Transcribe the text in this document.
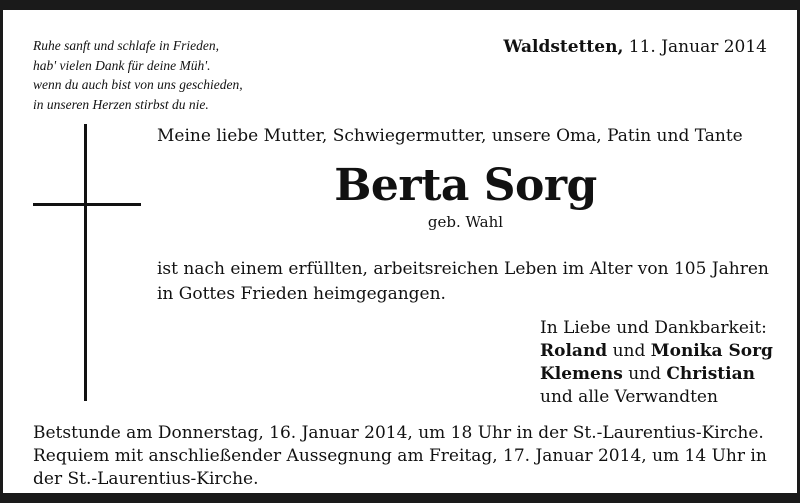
Ruhe sanft und schlafe in Frieden,
hab' vielen Dank für deine Müh'.
wenn du auch bist von uns geschieden,
in unseren Herzen stirbst du nie.
Waldstetten, 11. Januar 2014
Meine liebe Mutter, Schwiegermutter, unsere Oma, Patin und Tante
Berta Sorg
geb. Wahl
ist nach einem erfüllten, arbeitsreichen Leben im Alter von 105 Jahren
in Gottes Frieden heimgegangen.
In Liebe und Dankbarkeit:
Roland und Monika Sorg
Klemens und Christian
und alle Verwandten
Betstunde am Donnerstag, 16. Januar 2014, um 18 Uhr in der St.-Laurentius-Kirche.
Requiem mit anschließender Aussegnung am Freitag, 17. Januar 2014, um 14 Uhr in
der St.-Laurentius-Kirche.
